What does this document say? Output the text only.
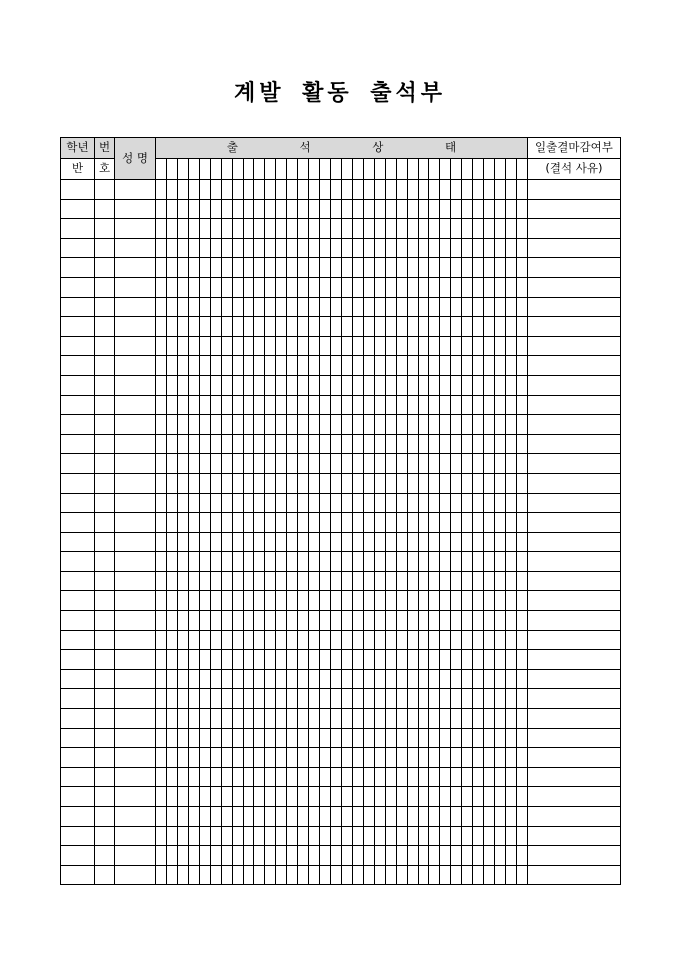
계발 활동 출석부
학년	번	성 명	출 석 상 태																																		일출결마감여부
반	호																																				(결석 사유)
